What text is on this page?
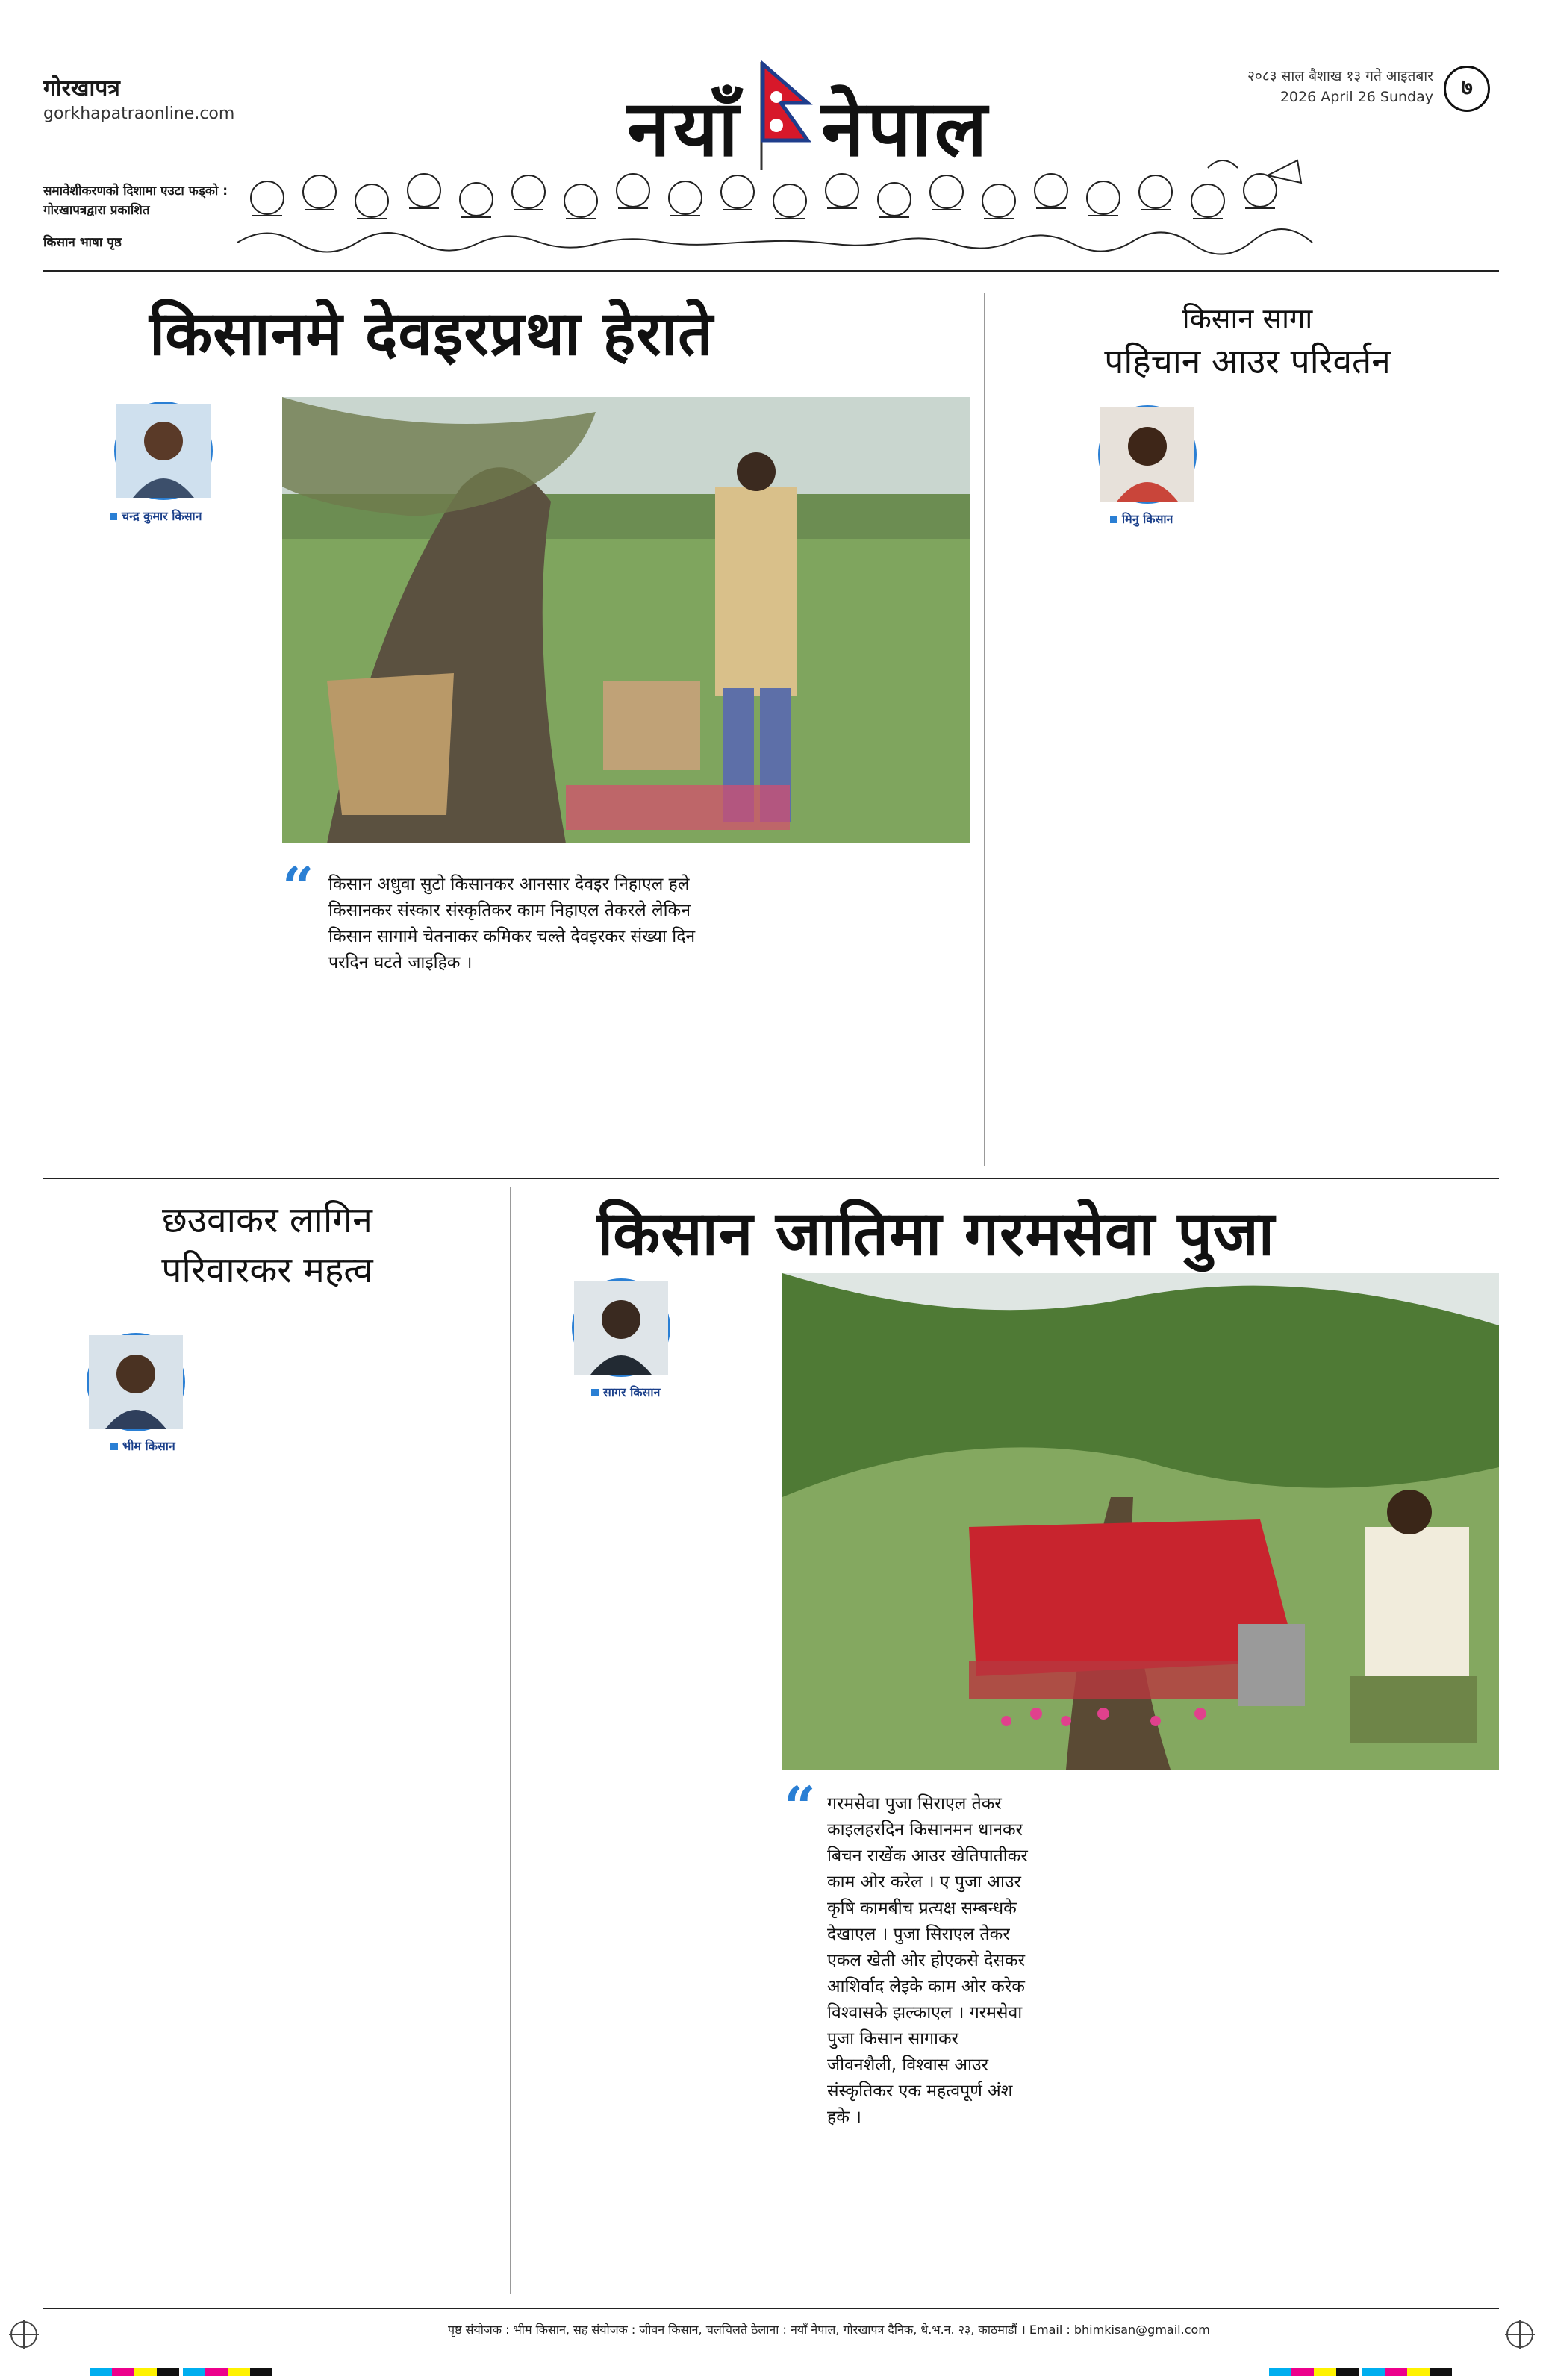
गोरखापत्र
gorkhapatraonline.com
समावेशीकरणको दिशामा एउटा फड्को :
गोरखापत्रद्वारा प्रकाशित
किसान भाषा पृष्ठ
नयाँ नेपाल
२०८३ साल बैशाख १३ गते आइतबार
2026 April 26 Sunday	७
किसानमे देवइरप्रथा हेराते
चन्द्र कुमार किसान

“ किसान अधुवा सुटो किसानकर आनसार देवइर निहाएल हले किसानकर संस्कार संस्कृतिकर काम निहाएल तेकरले लेकिन किसान सागामे चेतनाकर कमिकर चल्ते देवइरकर संख्या दिन परदिन घटते जाइहिक ।

किसान सागा
पहिचान आउर परिवर्तन
मिनु किसान

छउवाकर लागिन
परिवारकर महत्व
भीम किसान

किसान जातिमा गरमसेवा पुजा
सागर किसान

“ गरमसेवा पुजा सिराएल तेकर काइलहरदिन किसानमन धानकर बिचन राखेंक आउर खेतिपातीकर काम ओर करेल । ए पुजा आउर कृषि कामबीच प्रत्यक्ष सम्बन्धके देखाएल । पुजा सिराएल तेकर एकल खेती ओर होएकसे देसकर आशिर्वाद लेइके काम ओर करेक विश्वासके झल्काएल । गरमसेवा पुजा किसान सागाकर जीवनशैली, विश्वास आउर संस्कृतिकर एक महत्वपूर्ण अंश हके ।

पृष्ठ संयोजक : भीम किसान, सह संयोजक : जीवन किसान, चलचिलते ठेलाना : नयाँ नेपाल, गोरखापत्र दैनिक, धे.भ.न. २३, काठमाडौं । Email : bhimkisan@gmail.com
